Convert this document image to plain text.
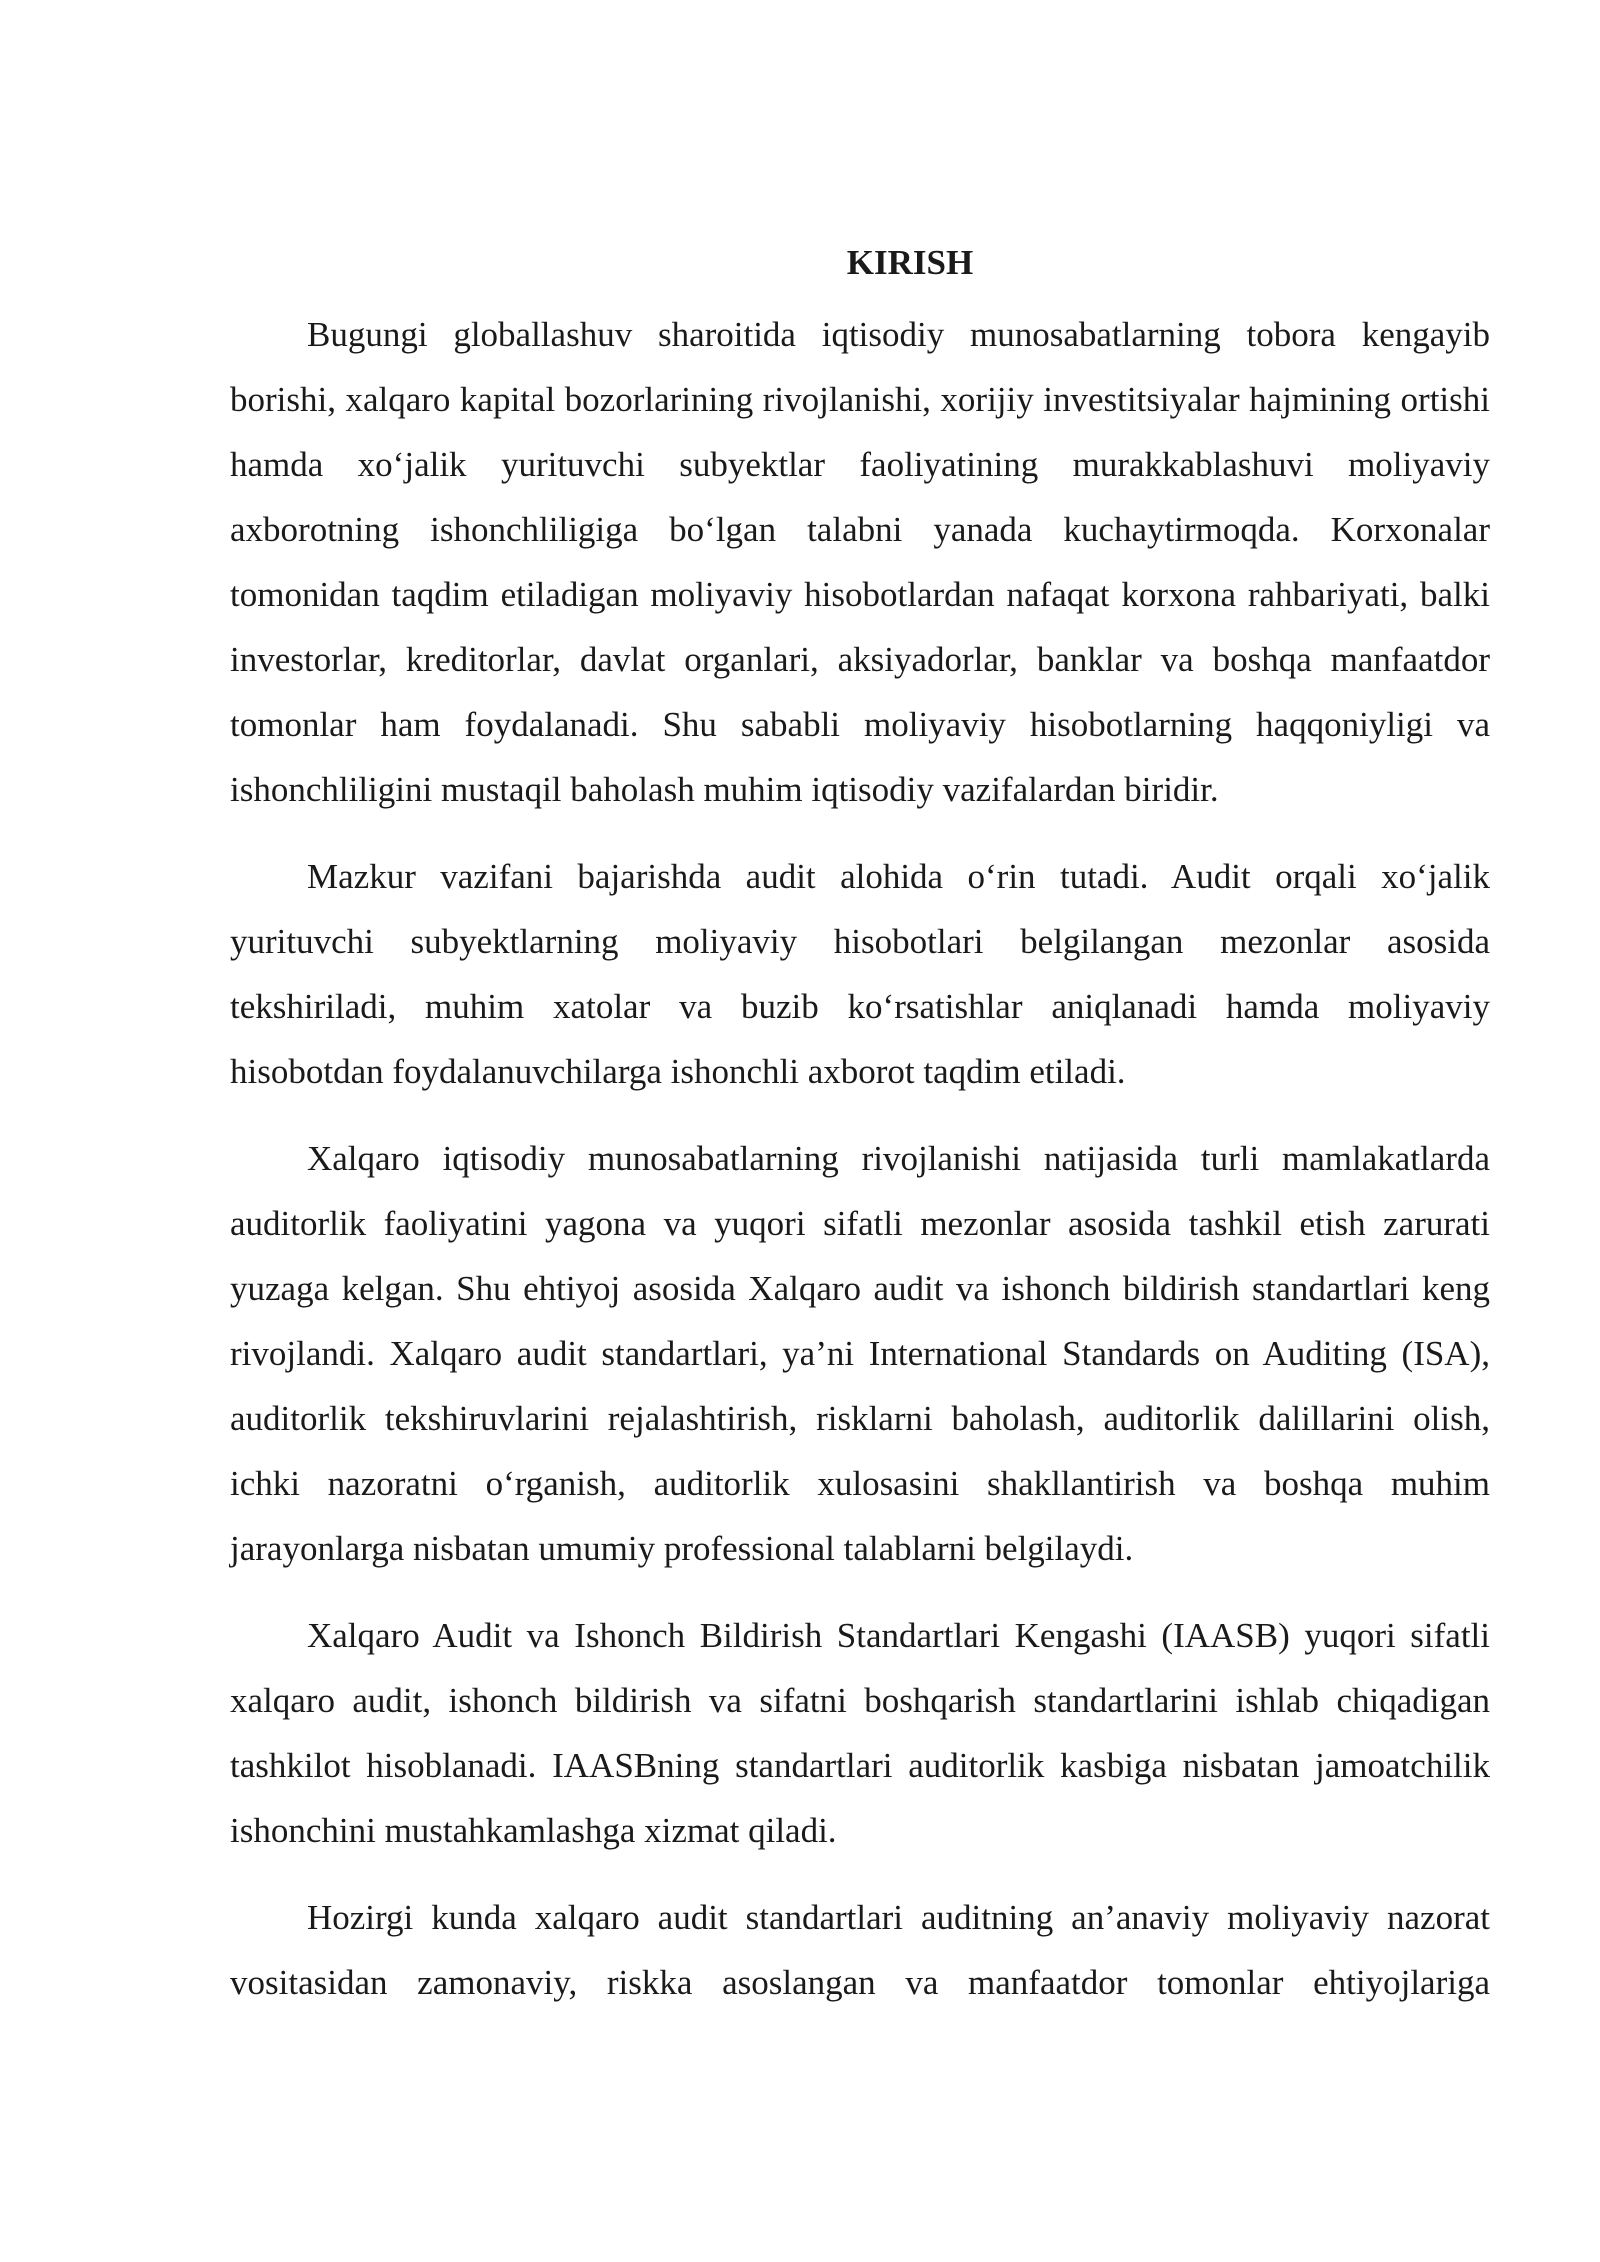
KIRISH

Bugungi globallashuv sharoitida iqtisodiy munosabatlarning tobora kengayib borishi, xalqaro kapital bozorlarining rivojlanishi, xorijiy investitsiyalar hajmining ortishi hamda xo‘jalik yurituvchi subyektlar faoliyatining murakkablashuvi moliyaviy axborotning ishonchliligiga bo‘lgan talabni yanada kuchaytirmoqda. Korxonalar tomonidan taqdim etiladigan moliyaviy hisobotlardan nafaqat korxona rahbariyati, balki investorlar, kreditorlar, davlat organlari, aksiyadorlar, banklar va boshqa manfaatdor tomonlar ham foydalanadi. Shu sababli moliyaviy hisobotlarning haqqoniyligi va ishonchliligini mustaqil baholash muhim iqtisodiy vazifalardan biridir.

Mazkur vazifani bajarishda audit alohida o‘rin tutadi. Audit orqali xo‘jalik yurituvchi subyektlarning moliyaviy hisobotlari belgilangan mezonlar asosida tekshiriladi, muhim xatolar va buzib ko‘rsatishlar aniqlanadi hamda moliyaviy hisobotdan foydalanuvchilarga ishonchli axborot taqdim etiladi.

Xalqaro iqtisodiy munosabatlarning rivojlanishi natijasida turli mamlakatlarda auditorlik faoliyatini yagona va yuqori sifatli mezonlar asosida tashkil etish zarurati yuzaga kelgan. Shu ehtiyoj asosida Xalqaro audit va ishonch bildirish standartlari keng rivojlandi. Xalqaro audit standartlari, ya’ni International Standards on Auditing (ISA), auditorlik tekshiruvlarini rejalashtirish, risklarni baholash, auditorlik dalillarini olish, ichki nazoratni o‘rganish, auditorlik xulosasini shakllantirish va boshqa muhim jarayonlarga nisbatan umumiy professional talablarni belgilaydi.

Xalqaro Audit va Ishonch Bildirish Standartlari Kengashi (IAASB) yuqori sifatli xalqaro audit, ishonch bildirish va sifatni boshqarish standartlarini ishlab chiqadigan tashkilot hisoblanadi. IAASBning standartlari auditorlik kasbiga nisbatan jamoatchilik ishonchini mustahkamlashga xizmat qiladi.

Hozirgi kunda xalqaro audit standartlari auditning an’anaviy moliyaviy nazorat vositasidan zamonaviy, riskka asoslangan va manfaatdor tomonlar ehtiyojlariga
